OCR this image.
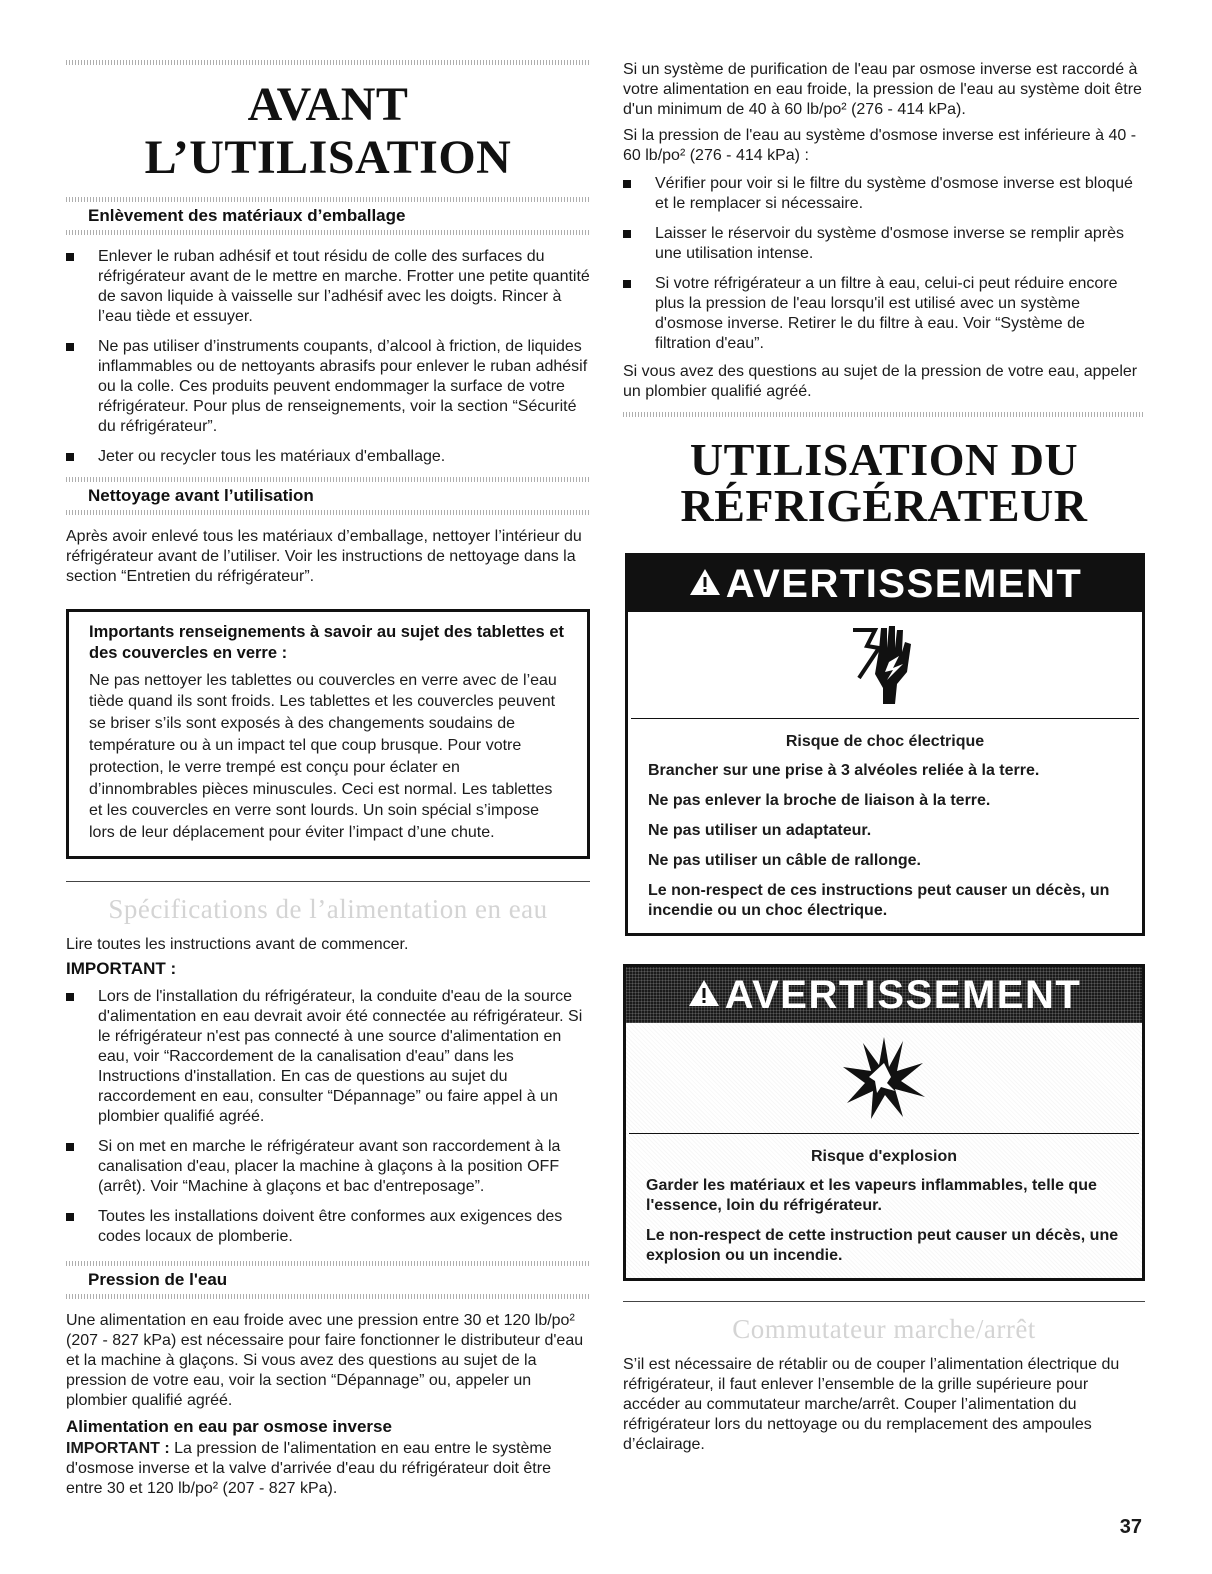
AVANT L’UTILISATION
Enlèvement des matériaux d’emballage
Enlever le ruban adhésif et tout résidu de colle des surfaces du réfrigérateur avant de le mettre en marche. Frotter une petite quantité de savon liquide à vaisselle sur l’adhésif avec les doigts. Rincer à l’eau tiède et essuyer.
Ne pas utiliser d’instruments coupants, d’alcool à friction, de liquides inflammables ou de nettoyants abrasifs pour enlever le ruban adhésif ou la colle. Ces produits peuvent endommager la surface de votre réfrigérateur. Pour plus de renseignements, voir la section “Sécurité du réfrigérateur”.
Jeter ou recycler tous les matériaux d'emballage.
Nettoyage avant l’utilisation

Après avoir enlevé tous les matériaux d’emballage, nettoyer l’intérieur du réfrigérateur avant de l’utiliser. Voir les instructions de nettoyage dans la section “Entretien du réfrigérateur”.

Importants renseignements à savoir au sujet des tablettes et des couvercles en verre :

Ne pas nettoyer les tablettes ou couvercles en verre avec de l’eau tiède quand ils sont froids. Les tablettes et les couvercles peuvent se briser s’ils sont exposés à des changements soudains de température ou à un impact tel que coup brusque. Pour votre protection, le verre trempé est conçu pour éclater en d’innombrables pièces minuscules. Ceci est normal. Les tablettes et les couvercles en verre sont lourds. Un soin spécial s’impose lors de leur déplacement pour éviter l’impact d’une chute.

Spécifications de l’alimentation en eau

Lire toutes les instructions avant de commencer.

IMPORTANT :
Lors de l'installation du réfrigérateur, la conduite d'eau de la source d'alimentation en eau devrait avoir été connectée au réfrigérateur. Si le réfrigérateur n'est pas connecté à une source d'alimentation en eau, voir “Raccordement de la canalisation d'eau” dans les Instructions d'installation. En cas de questions au sujet du raccordement en eau, consulter “Dépannage” ou faire appel à un plombier qualifié agréé.
Si on met en marche le réfrigérateur avant son raccordement à la canalisation d'eau, placer la machine à glaçons à la position OFF (arrêt). Voir “Machine à glaçons et bac d'entreposage”.
Toutes les installations doivent être conformes aux exigences des codes locaux de plomberie.
Pression de l'eau

Une alimentation en eau froide avec une pression entre 30 et 120 lb/po² (207 - 827 kPa) est nécessaire pour faire fonctionner le distributeur d'eau et la machine à glaçons. Si vous avez des questions au sujet de la pression de votre eau, voir la section “Dépannage” ou, appeler un plombier qualifié agréé.

Alimentation en eau par osmose inverse

IMPORTANT : La pression de l'alimentation en eau entre le système d'osmose inverse et la valve d'arrivée d'eau du réfrigérateur doit être entre 30 et 120 lb/po² (207 - 827 kPa).

Si un système de purification de l'eau par osmose inverse est raccordé à votre alimentation en eau froide, la pression de l'eau au système doit être d'un minimum de 40 à 60 lb/po² (276 - 414 kPa).

Si la pression de l'eau au système d'osmose inverse est inférieure à 40 - 60 lb/po² (276 - 414 kPa) :

Vérifier pour voir si le filtre du système d'osmose inverse est bloqué et le remplacer si nécessaire.
Laisser le réservoir du système d'osmose inverse se remplir après une utilisation intense.
Si votre réfrigérateur a un filtre à eau, celui-ci peut réduire encore plus la pression de l'eau lorsqu'il est utilisé avec un système d'osmose inverse. Retirer le du filtre à eau. Voir “Système de filtration d'eau”.

Si vous avez des questions au sujet de la pression de votre eau, appeler un plombier qualifié agréé.

UTILISATION DU
RÉFRIGÉRATEUR
AVERTISSEMENT
Risque de choc électrique

Brancher sur une prise à 3 alvéoles reliée à la terre.

Ne pas enlever la broche de liaison à la terre.

Ne pas utiliser un adaptateur.

Ne pas utiliser un câble de rallonge.

Le non-respect de ces instructions peut causer un décès, un incendie ou un choc électrique.

AVERTISSEMENT
Risque d'explosion

Garder les matériaux et les vapeurs inflammables, telle que l'essence, loin du réfrigérateur.

Le non-respect de cette instruction peut causer un décès, une explosion ou un incendie.

Commutateur marche/arrêt

S’il est nécessaire de rétablir ou de couper l’alimentation électrique du réfrigérateur, il faut enlever l’ensemble de la grille supérieure pour accéder au commutateur marche/arrêt. Couper l’alimentation du réfrigérateur lors du nettoyage ou du remplacement des ampoules d’éclairage.

37
